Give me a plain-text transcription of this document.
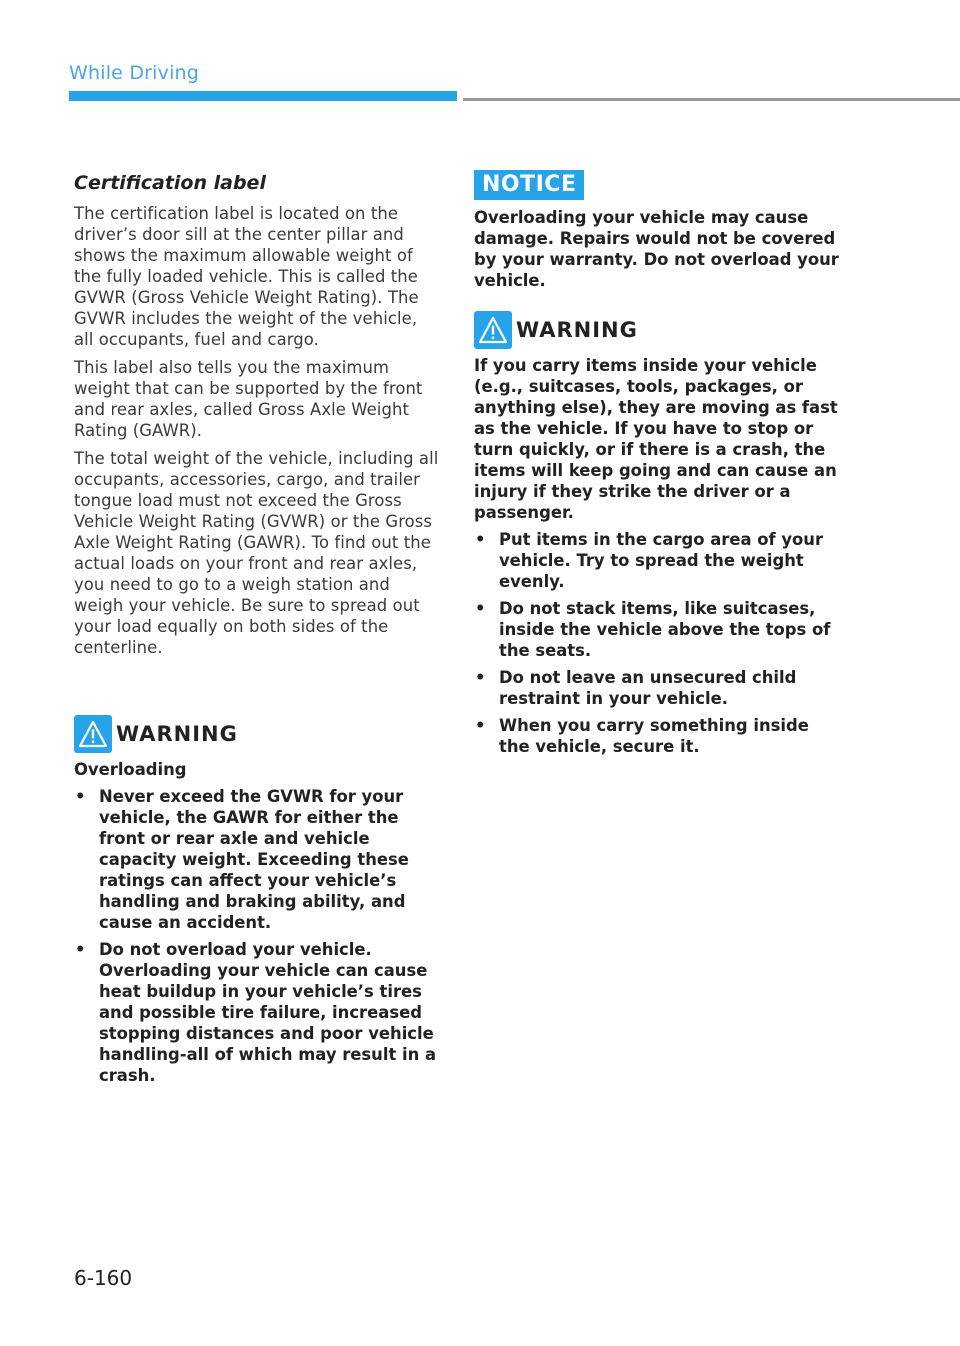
While Driving
Certification label

The certification label is located on the driver’s door sill at the center pillar and shows the maximum allowable weight of the fully loaded vehicle. This is called the GVWR (Gross Vehicle Weight Rating). The GVWR includes the weight of the vehicle, all occupants, fuel and cargo.

This label also tells you the maximum weight that can be supported by the front and rear axles, called Gross Axle Weight Rating (GAWR).

The total weight of the vehicle, including all occupants, accessories, cargo, and trailer tongue load must not exceed the Gross Vehicle Weight Rating (GVWR) or the Gross Axle Weight Rating (GAWR). To find out the actual loads on your front and rear axles, you need to go to a weigh station and weigh your vehicle. Be sure to spread out your load equally on both sides of the centerline.

WARNING

Overloading

• Never exceed the GVWR for your vehicle, the GAWR for either the front or rear axle and vehicle capacity weight. Exceeding these ratings can affect your vehicle’s handling and braking ability, and cause an accident.
• Do not overload your vehicle. Overloading your vehicle can cause heat buildup in your vehicle’s tires and possible tire failure, increased stopping distances and poor vehicle handling-all of which may result in a crash.
NOTICE

Overloading your vehicle may cause damage. Repairs would not be covered by your warranty. Do not overload your vehicle.

WARNING

If you carry items inside your vehicle (e.g., suitcases, tools, packages, or anything else), they are moving as fast as the vehicle. If you have to stop or turn quickly, or if there is a crash, the items will keep going and can cause an injury if they strike the driver or a passenger.

• Put items in the cargo area of your vehicle. Try to spread the weight evenly.
• Do not stack items, like suitcases, inside the vehicle above the tops of the seats.
• Do not leave an unsecured child restraint in your vehicle.
• When you carry something inside the vehicle, secure it.
6-160
